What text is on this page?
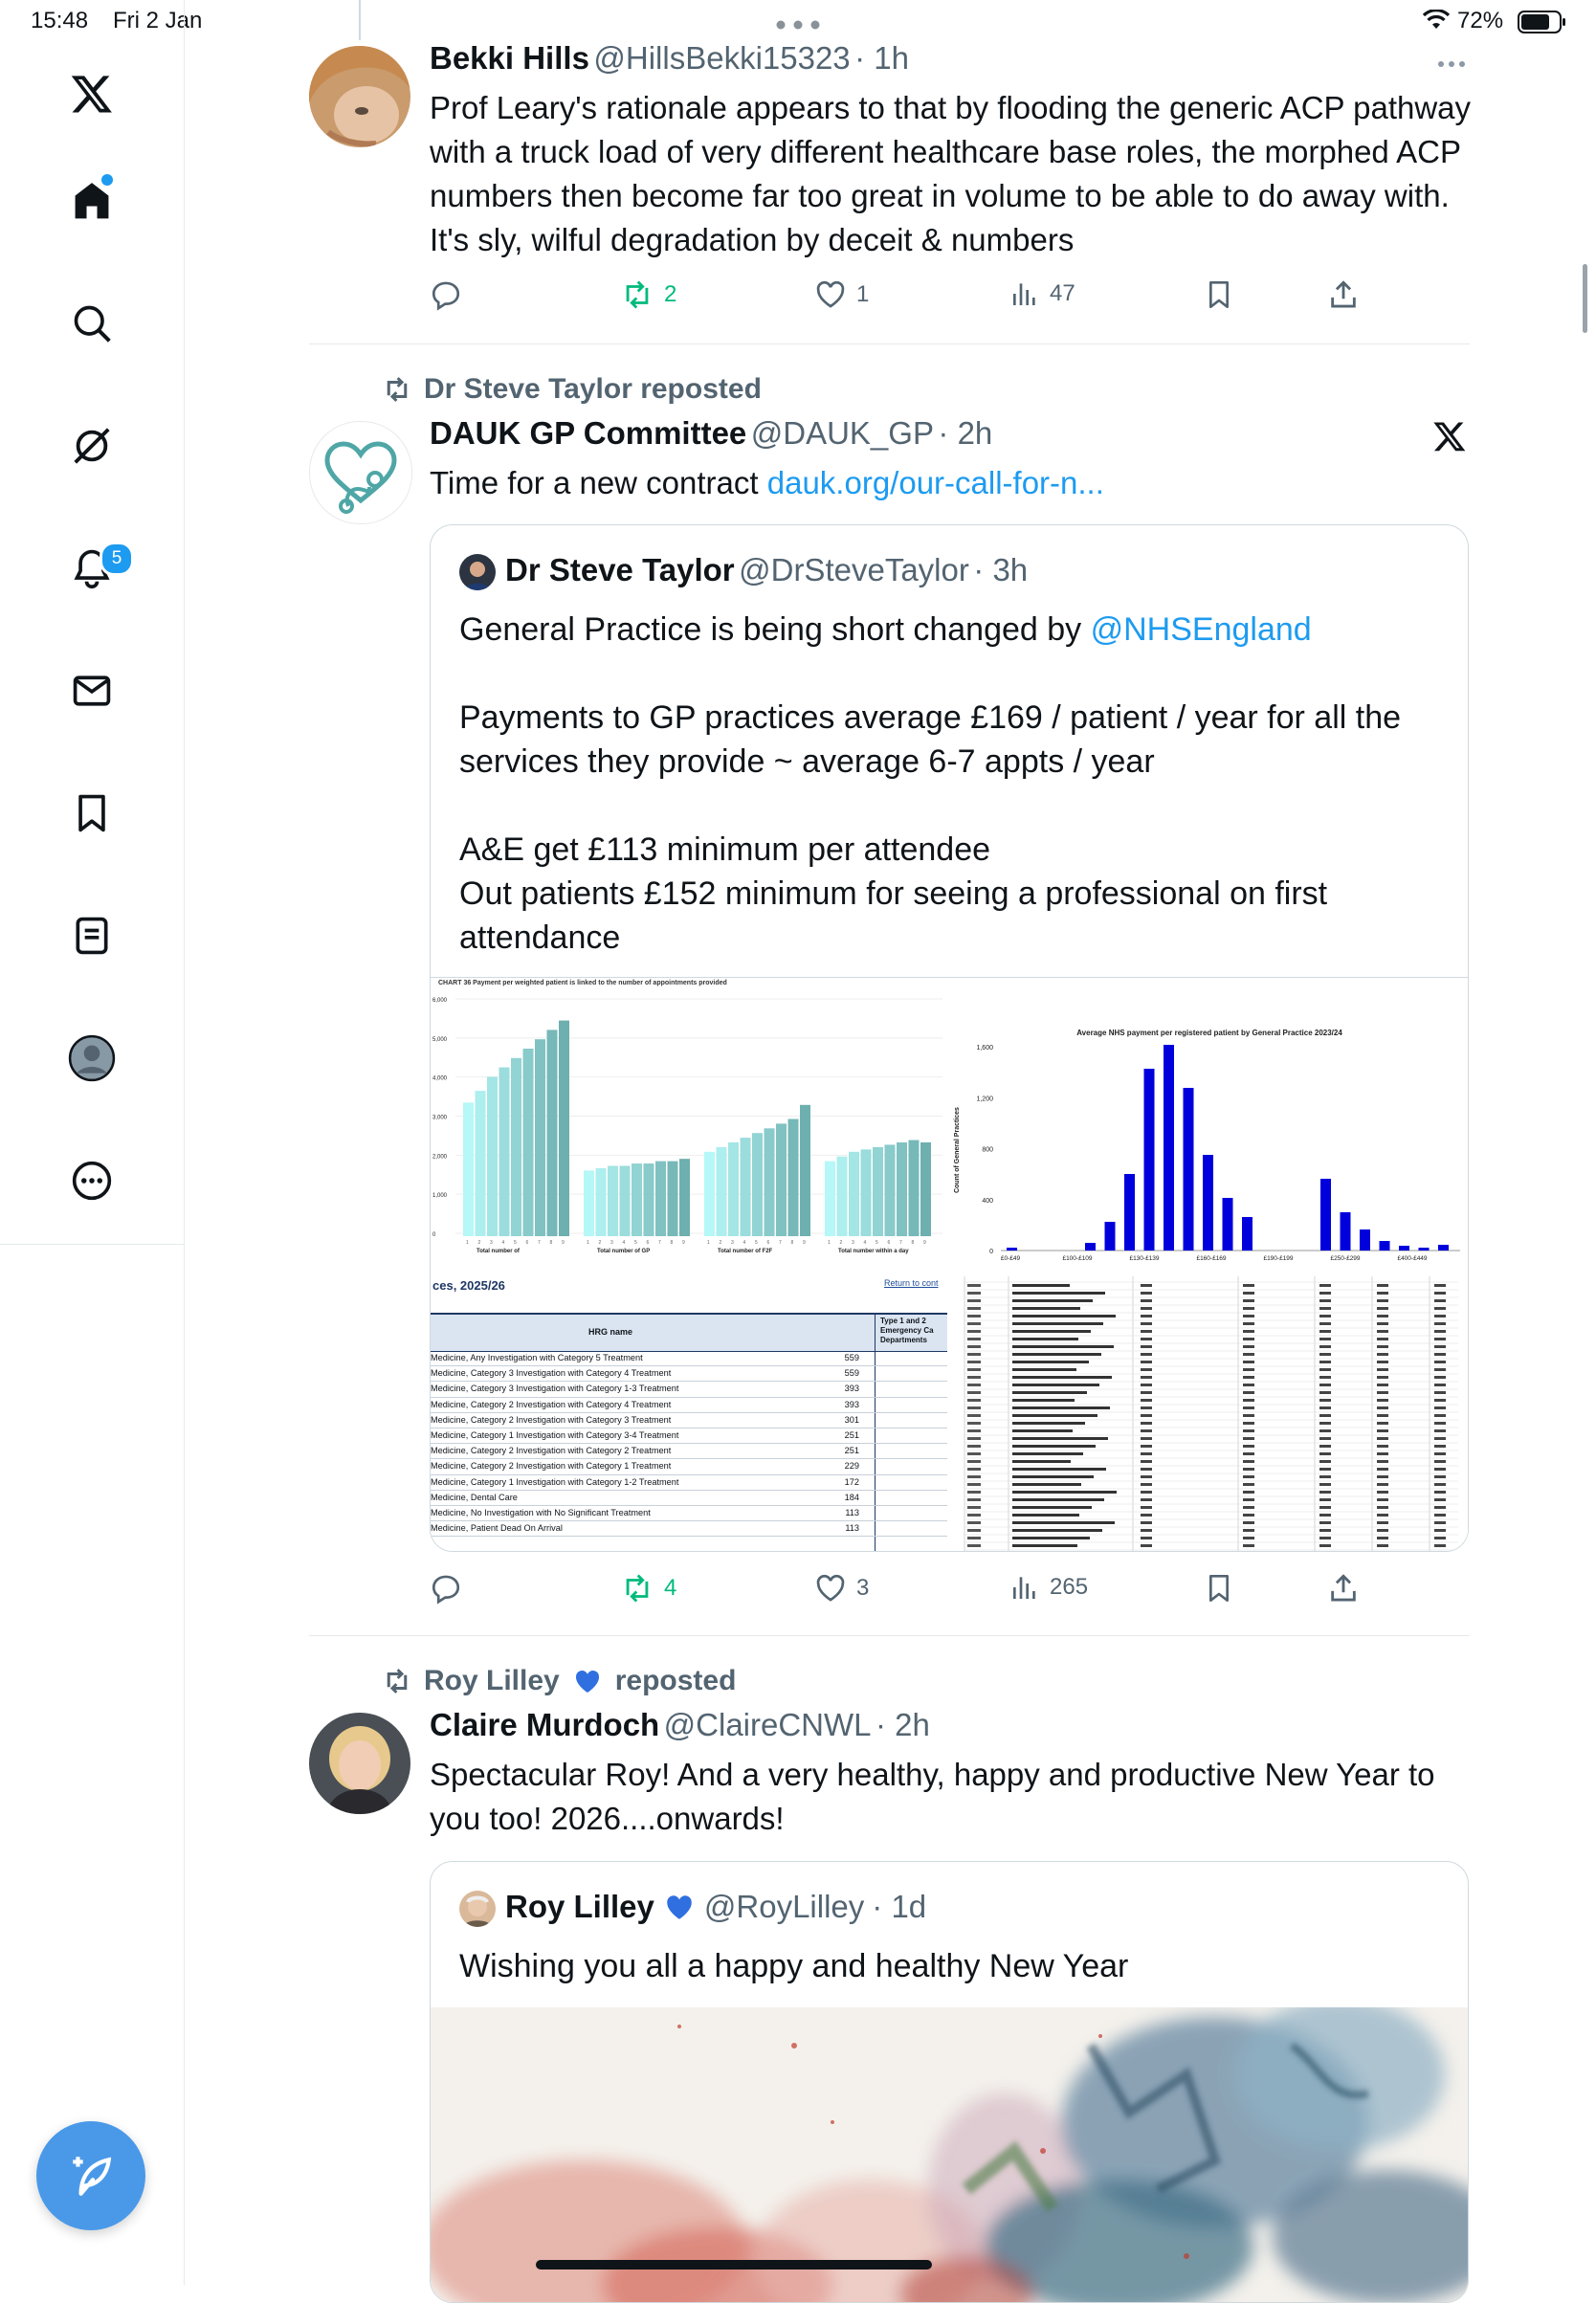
15:48 Fri 2 Jan	72%
5
Bekki Hills @HillsBekki15323 · 1h
Prof Leary's rationale appears to that by flooding the generic ACP pathway with a truck load of very different healthcare base roles, the morphed ACP numbers then become far too great in volume to be able to do away with. It's sly, wilful degradation by deceit & numbers
2	1	47
Dr Steve Taylor reposted
DAUK GP Committee @DAUK_GP · 2h
Time for a new contract dauk.org/our-call-for-n...
Dr Steve Taylor @DrSteveTaylor · 3h
General Practice is being short changed by @NHSEngland
Payments to GP practices average £169 / patient / year for all the services they provide ~ average 6-7 appts / year
A&E get £113 minimum per attendee
Out patients £152 minimum for seeing a professional on first attendance
CHART 36 Payment per weighted patient is linked to the number of appointments provided
6,000
5,000
4,000
3,000
2,000
1,000
0
1 2 3 4 5 6 7 8 9
Total number of
1 2 3 4 5 6 7 8 9
Total number of GP
1 2 3 4 5 6 7 8 9
Total number of F2F
1 2 3 4 5 6 7 8 9
Total number within a day
Average NHS payment per registered patient by General Practice 2023/24
1,600
1,200
800
400
0
Count of General Practices
£0-£49	£100-£109	£130-£139	£160-£169	£190-£199	£250-£299	£400-£449
ces, 2025/26	Return to cont
HRG name
Type 1 and 2 Emergency Ca Departments
Medicine, Any Investigation with Category 5 Treatment	559
Medicine, Category 3 Investigation with Category 4 Treatment	559
Medicine, Category 3 Investigation with Category 1-3 Treatment	393
Medicine, Category 2 Investigation with Category 4 Treatment	393
Medicine, Category 2 Investigation with Category 3 Treatment	301
Medicine, Category 1 Investigation with Category 3-4 Treatment	251
Medicine, Category 2 Investigation with Category 2 Treatment	251
Medicine, Category 2 Investigation with Category 1 Treatment	229
Medicine, Category 1 Investigation with Category 1-2 Treatment	172
Medicine, Dental Care	184
Medicine, No Investigation with No Significant Treatment	113
Medicine, Patient Dead On Arrival	113
4	3	265
Roy Lilley reposted
Claire Murdoch @ClaireCNWL · 2h
Spectacular Roy! And a very healthy, happy and productive New Year to you too! 2026....onwards!
Roy Lilley @RoyLilley · 1d
Wishing you all a happy and healthy New Year
